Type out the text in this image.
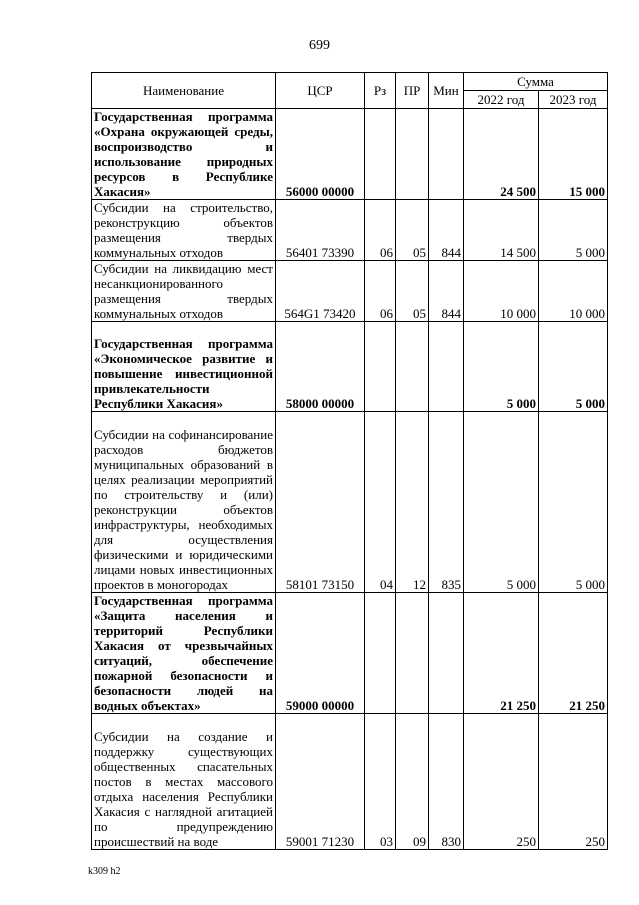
699
Наименование	ЦСР	Рз	ПР	Мин	Сумма	
					2022 год	2023 год
Государственная программа «Охрана окружающей среды, воспроизводство и использование природных ресурсов в Республике Хакасия»	56000 00000				24 500	15 000
Субсидии на строительство, реконструкцию объектов размещения твердых коммунальных отходов	56401 73390	06	05	844	14 500	5 000
Субсидии на ликвидацию мест несанкционированного размещения твердых коммунальных отходов	564G1 73420	06	05	844	10 000	10 000
Государственная программа «Экономическое развитие и повышение инвестиционной привлекательности Республики Хакасия»	58000 00000				5 000	5 000
Субсидии на софинансирование расходов бюджетов муниципальных образований в целях реализации мероприятий по строительству и (или) реконструкции объектов инфраструктуры, необходимых для осуществления физическими и юридическими лицами новых инвестиционных проектов в моногородах	58101 73150	04	12	835	5 000	5 000
Государственная программа «Защита населения и территорий Республики Хакасия от чрезвычайных ситуаций, обеспечение пожарной безопасности и безопасности людей на водных объектах»	59000 00000				21 250	21 250
Субсидии на создание и поддержку существующих общественных спасательных постов в местах массового отдыха населения Республики Хакасия с наглядной агитацией по предупреждению происшествий на воде	59001 71230	03	09	830	250	250
k309 h2
